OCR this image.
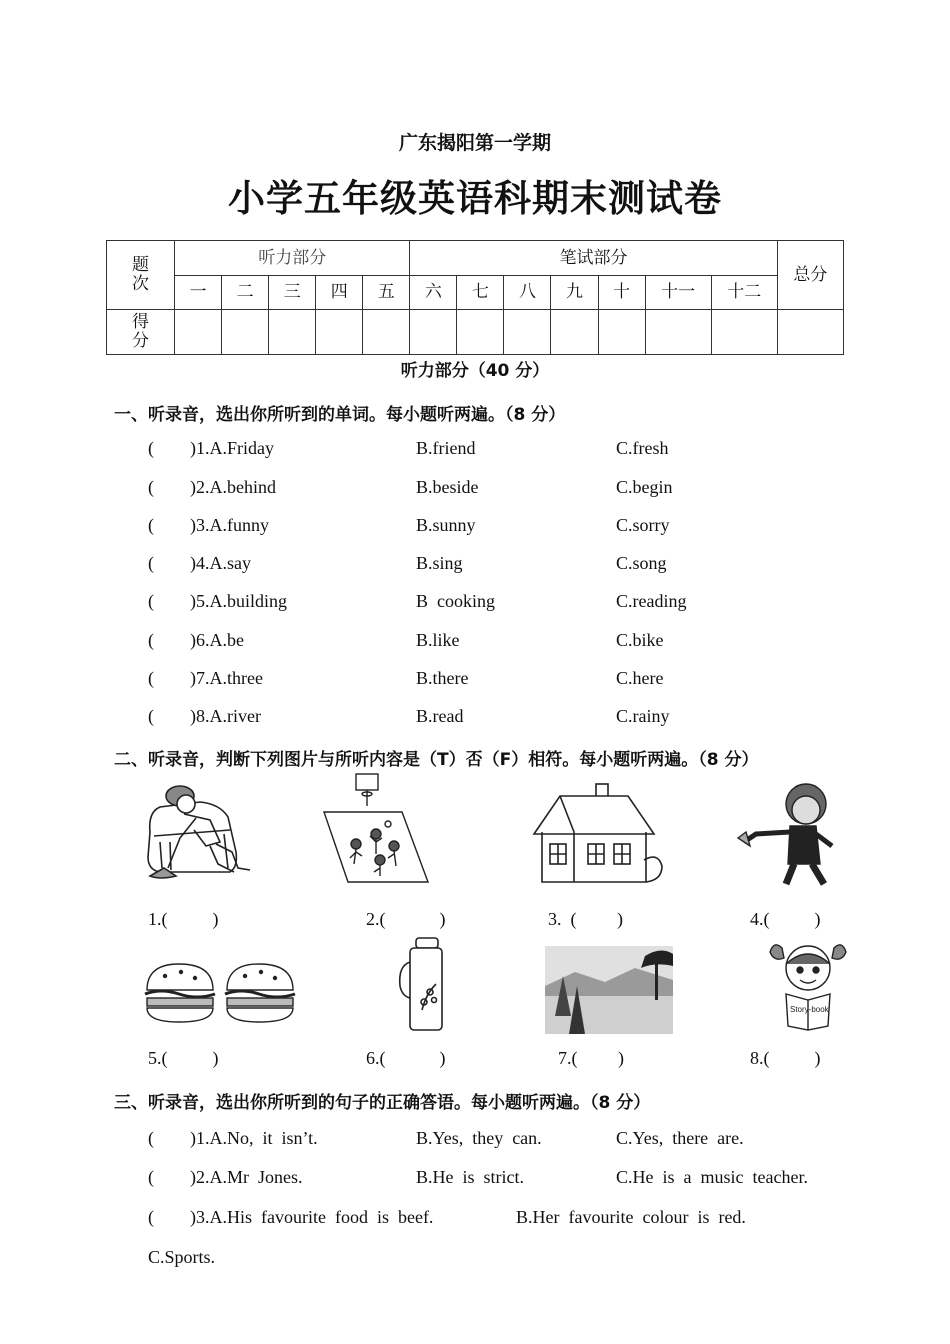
广东揭阳第一学期
小学五年级英语科期末测试卷
题次	听力部分					笔试部分							总分
	一	二	三	四	五	六	七	八	九	十	十一	十二	

得分													

听力部分（40 分）
一、听录音，选出你所听到的单词。每小题听两遍。（8 分）
(        )1.A.Friday	B.friend	C.fresh
(        )2.A.behind	B.beside	C.begin
(        )3.A.funny	B.sunny	C.sorry
(        )4.A.say	B.sing	C.song
(        )5.A.building	B  cooking	C.reading
(        )6.A.be	B.like	C.bike
(        )7.A.three	B.there	C.here
(        )8.A.river	B.read	C.rainy
二、听录音，判断下列图片与所听内容是（T）否（F）相符。每小题听两遍。（8 分）
1.(          )	2.(            )	3.  (         )	4.(          )
Story-book
5.(          )	6.(            )	7.(         )	8.(          )
三、听录音，选出你所听到的句子的正确答语。每小题听两遍。（8 分）
(        )1.A.No,  it  isn’t.	B.Yes,  they  can.	C.Yes,  there  are.
(        )2.A.Mr  Jones.	B.He  is  strict.	C.He  is  a  music  teacher.
(        )3.A.His  favourite  food  is  beef.	B.Her  favourite  colour  is  red.
C.Sports.
